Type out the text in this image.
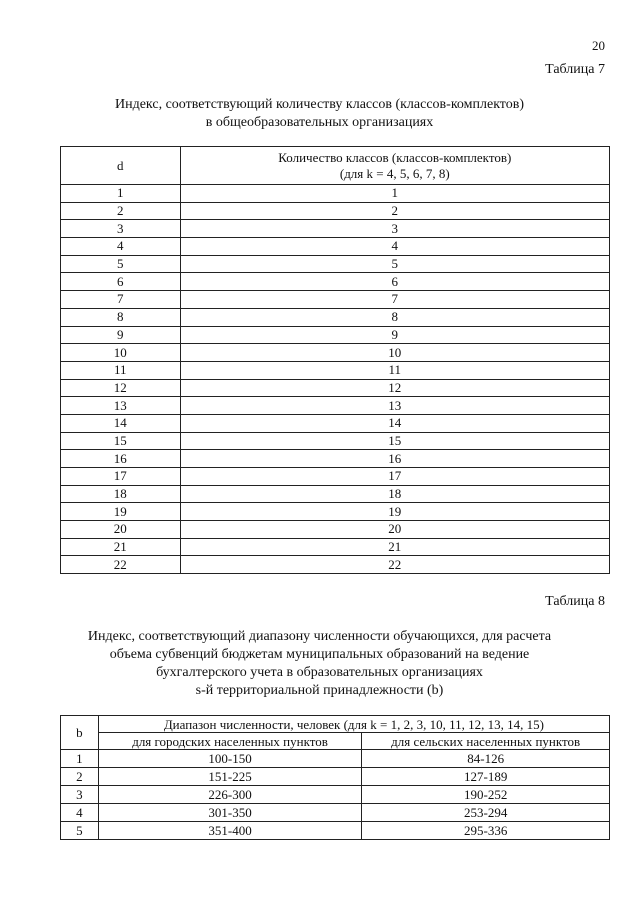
20
Таблица 7
Индекс, соответствующий количеству классов (классов-комплектов)
в общеобразовательных организациях
d	Количество классов (классов-комплектов)
(для k = 4, 5, 6, 7, 8)

1	1
2	2
3	3
4	4
5	5
6	6
7	7
8	8
9	9
10	10
11	11
12	12
13	13
14	14
15	15
16	16
17	17
18	18
19	19
20	20
21	21
22	22
Таблица 8
Индекс, соответствующий диапазону численности обучающихся, для расчета
объема субвенций бюджетам муниципальных образований на ведение
бухгалтерского учета в образовательных организациях
s-й территориальной принадлежности (b)
b	Диапазон численности, человек (для k = 1, 2, 3, 10, 11, 12, 13, 14, 15)	
	для городских населенных пунктов	для сельских населенных пунктов
1	100-150	84-126
2	151-225	127-189
3	226-300	190-252
4	301-350	253-294
5	351-400	295-336
